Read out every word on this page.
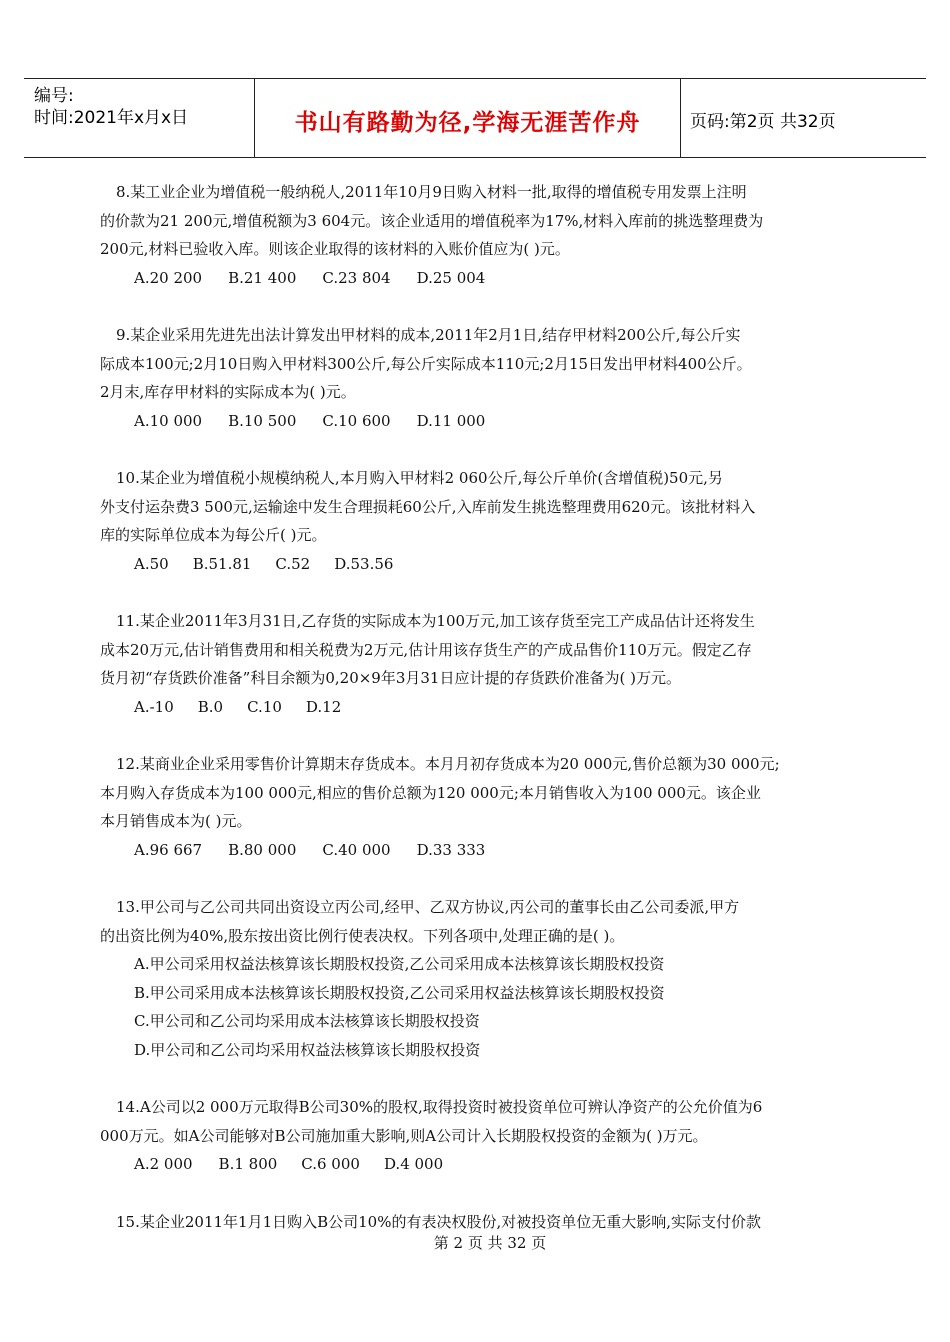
编号:
时间:2021年x月x日	书山有路勤为径,学海无涯苦作舟	页码:第2页 共32页

8.某工业企业为增值税一般纳税人,2011年10月9日购入材料一批,取得的增值税专用发票上注明

的价款为21 200元,增值税额为3 604元。该企业适用的增值税率为17%,材料入库前的挑选整理费为

200元,材料已验收入库。则该企业取得的该材料的入账价值应为( )元。

A.20 200 B.21 400 C.23 804 D.25 004

9.某企业采用先进先出法计算发出甲材料的成本,2011年2月1日,结存甲材料200公斤,每公斤实

际成本100元;2月10日购入甲材料300公斤,每公斤实际成本110元;2月15日发出甲材料400公斤。

2月末,库存甲材料的实际成本为( )元。

A.10 000 B.10 500 C.10 600 D.11 000

10.某企业为增值税小规模纳税人,本月购入甲材料2 060公斤,每公斤单价(含增值税)50元,另

外支付运杂费3 500元,运输途中发生合理损耗60公斤,入库前发生挑选整理费用620元。该批材料入

库的实际单位成本为每公斤( )元。

A.50 B.51.81 C.52 D.53.56

11.某企业2011年3月31日,乙存货的实际成本为100万元,加工该存货至完工产成品估计还将发生

成本20万元,估计销售费用和相关税费为2万元,估计用该存货生产的产成品售价110万元。假定乙存

货月初“存货跌价准备”科目余额为0,20×9年3月31日应计提的存货跌价准备为( )万元。

A.-10 B.0 C.10 D.12

12.某商业企业采用零售价计算期末存货成本。本月月初存货成本为20 000元,售价总额为30 000元;

本月购入存货成本为100 000元,相应的售价总额为120 000元;本月销售收入为100 000元。该企业

本月销售成本为( )元。

A.96 667 B.80 000 C.40 000 D.33 333

13.甲公司与乙公司共同出资设立丙公司,经甲、乙双方协议,丙公司的董事长由乙公司委派,甲方

的出资比例为40%,股东按出资比例行使表决权。下列各项中,处理正确的是( )。

A.甲公司采用权益法核算该长期股权投资,乙公司采用成本法核算该长期股权投资
B.甲公司采用成本法核算该长期股权投资,乙公司采用权益法核算该长期股权投资
C.甲公司和乙公司均采用成本法核算该长期股权投资
D.甲公司和乙公司均采用权益法核算该长期股权投资

14.A公司以2 000万元取得B公司30%的股权,取得投资时被投资单位可辨认净资产的公允价值为6

000万元。如A公司能够对B公司施加重大影响,则A公司计入长期股权投资的金额为( )万元。

A.2 000 B.1 800 C.6 000 D.4 000

15.某企业2011年1月1日购入B公司10%的有表决权股份,对被投资单位无重大影响,实际支付价款

第 2 页 共 32 页
